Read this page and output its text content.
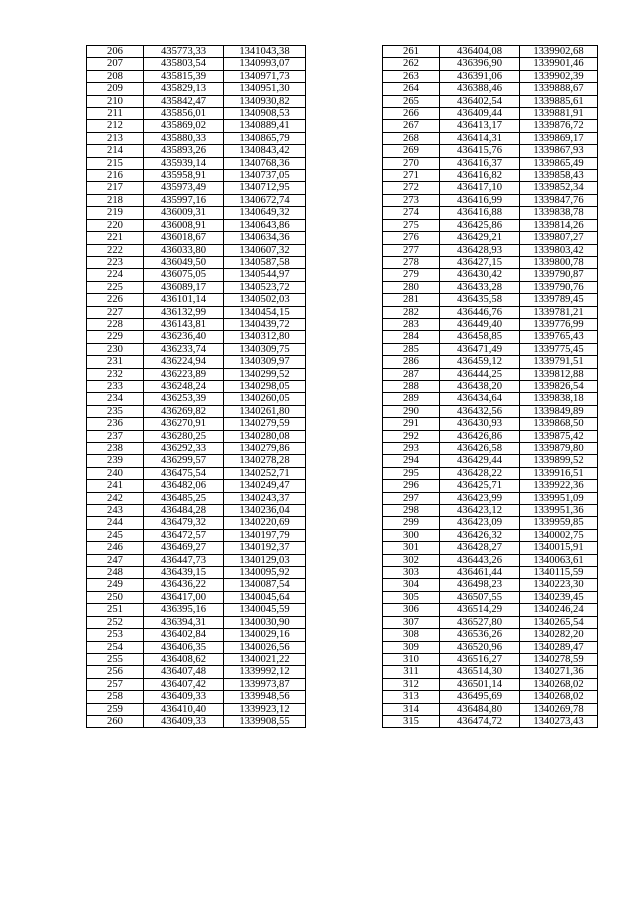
206	435773,33	1341043,38
207	435803,54	1340993,07
208	435815,39	1340971,73
209	435829,13	1340951,30
210	435842,47	1340930,82
211	435856,01	1340908,53
212	435869,02	1340889,41
213	435880,33	1340865,79
214	435893,26	1340843,42
215	435939,14	1340768,36
216	435958,91	1340737,05
217	435973,49	1340712,95
218	435997,16	1340672,74
219	436009,31	1340649,32
220	436008,91	1340643,86
221	436018,67	1340634,36
222	436033,80	1340607,32
223	436049,50	1340587,58
224	436075,05	1340544,97
225	436089,17	1340523,72
226	436101,14	1340502,03
227	436132,99	1340454,15
228	436143,81	1340439,72
229	436236,40	1340312,80
230	436233,74	1340309,75
231	436224,94	1340309,97
232	436223,89	1340299,52
233	436248,24	1340298,05
234	436253,39	1340260,05
235	436269,82	1340261,80
236	436270,91	1340279,59
237	436280,25	1340280,08
238	436292,33	1340279,86
239	436299,57	1340278,28
240	436475,54	1340252,71
241	436482,06	1340249,47
242	436485,25	1340243,37
243	436484,28	1340236,04
244	436479,32	1340220,69
245	436472,57	1340197,79
246	436469,27	1340192,37
247	436447,73	1340129,03
248	436439,15	1340095,92
249	436436,22	1340087,54
250	436417,00	1340045,64
251	436395,16	1340045,59
252	436394,31	1340030,90
253	436402,84	1340029,16
254	436406,35	1340026,56
255	436408,62	1340021,22
256	436407,48	1339992,12
257	436407,42	1339973,87
258	436409,33	1339948,56
259	436410,40	1339923,12
260	436409,33	1339908,55
261	436404,08	1339902,68
262	436396,90	1339901,46
263	436391,06	1339902,39
264	436388,46	1339888,67
265	436402,54	1339885,61
266	436409,44	1339881,91
267	436413,17	1339876,72
268	436414,31	1339869,17
269	436415,76	1339867,93
270	436416,37	1339865,49
271	436416,82	1339858,43
272	436417,10	1339852,34
273	436416,99	1339847,76
274	436416,88	1339838,78
275	436425,86	1339814,26
276	436429,21	1339807,27
277	436428,93	1339803,42
278	436427,15	1339800,78
279	436430,42	1339790,87
280	436433,28	1339790,76
281	436435,58	1339789,45
282	436446,76	1339781,21
283	436449,40	1339776,99
284	436458,85	1339765,43
285	436471,49	1339775,45
286	436459,12	1339791,51
287	436444,25	1339812,88
288	436438,20	1339826,54
289	436434,64	1339838,18
290	436432,56	1339849,89
291	436430,93	1339868,50
292	436426,86	1339875,42
293	436426,58	1339879,80
294	436429,44	1339899,52
295	436428,22	1339916,51
296	436425,71	1339922,36
297	436423,99	1339951,09
298	436423,12	1339951,36
299	436423,09	1339959,85
300	436426,32	1340002,75
301	436428,27	1340015,91
302	436443,26	1340063,61
303	436461,44	1340115,59
304	436498,23	1340223,30
305	436507,55	1340239,45
306	436514,29	1340246,24
307	436527,80	1340265,54
308	436536,26	1340282,20
309	436520,96	1340289,47
310	436516,27	1340278,59
311	436514,30	1340271,36
312	436501,14	1340268,02
313	436495,69	1340268,02
314	436484,80	1340269,78
315	436474,72	1340273,43
